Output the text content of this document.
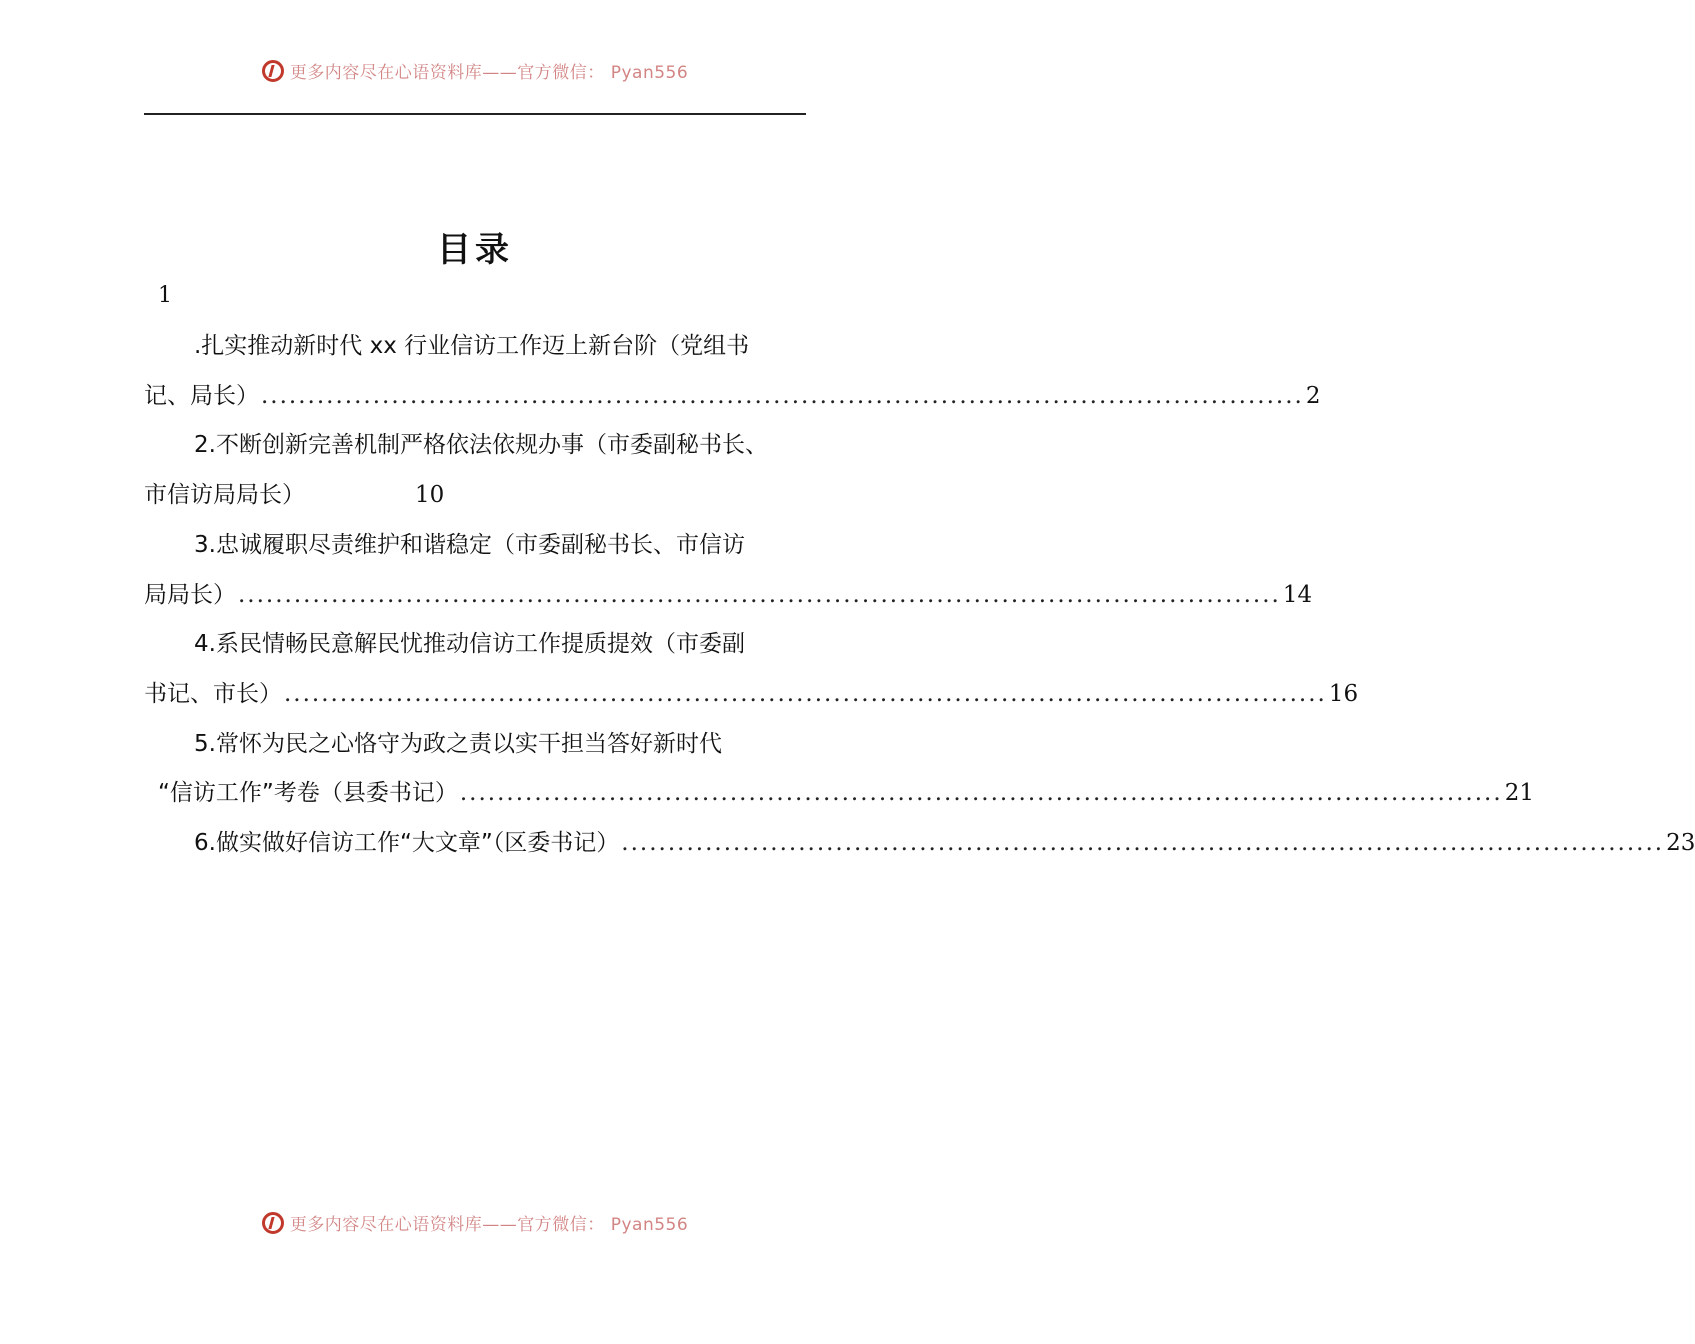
更多内容尽在心语资料库——官方微信： Pyan556
目录
1
.扎实推动新时代 xx 行业信访工作迈上新台阶（党组书
记、局长） ................................................................................................................ 2
2.不断创新完善机制严格依法依规办事（市委副秘书长、
市信访局局长）	10
3.忠诚履职尽责维护和谐稳定（市委副秘书长、市信访
局局长） ................................................................................................................ 14
4.系民情畅民意解民忧推动信访工作提质提效（市委副
书记、市长） ................................................................................................................ 16
5.常怀为民之心恪守为政之责以实干担当答好新时代
“信访工作”考卷（县委书记） ................................................................................................................ 21
6.做实做好信访工作“大文章”（区委书记） ................................................................................................................ 23
更多内容尽在心语资料库——官方微信： Pyan556
